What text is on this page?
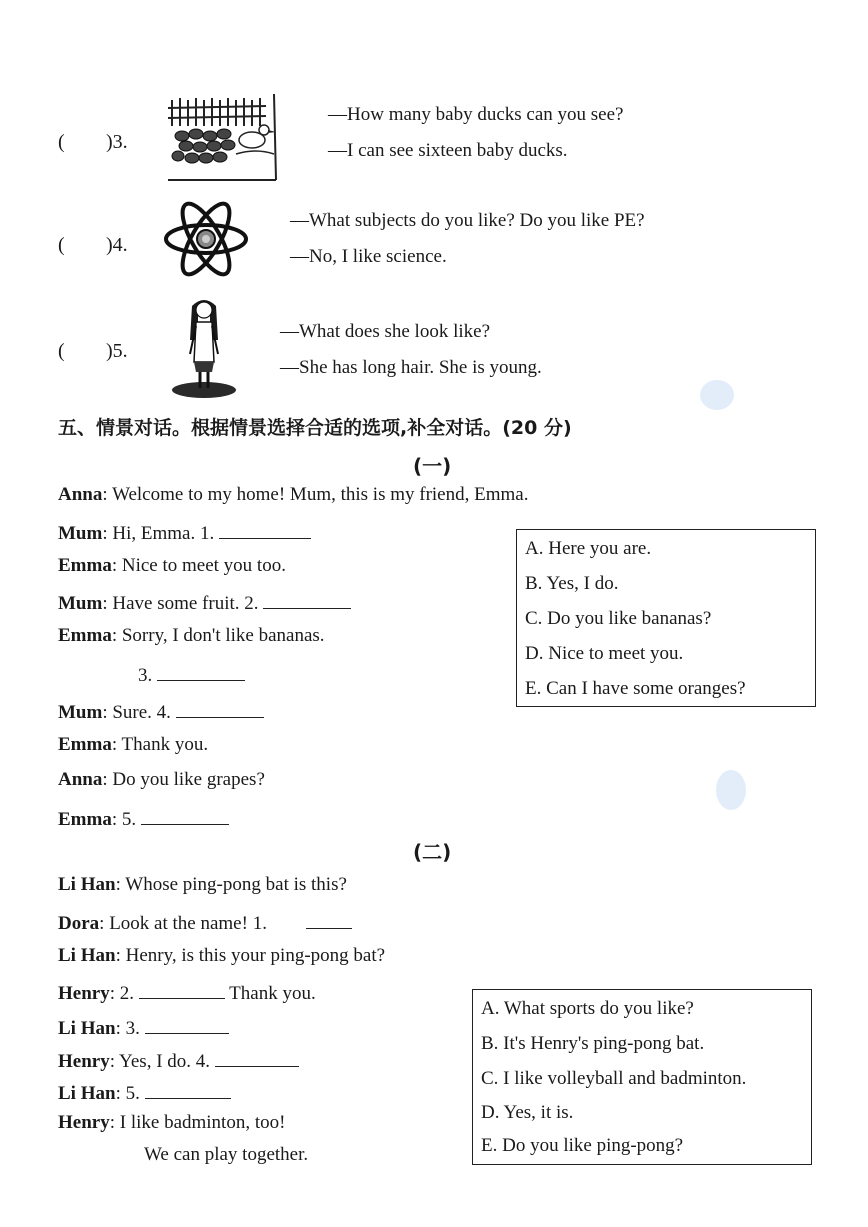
( )3.
—How many baby ducks can you see?
—I can see sixteen baby ducks.
( )4.
—What subjects do you like? Do you like PE?
—No, I like science.
( )5.
—What does she look like?
—She has long hair. She is young.
五、情景对话。根据情景选择合适的选项,补全对话。(20 分)
(一)
Anna: Welcome to my home! Mum, this is my friend, Emma.
Mum: Hi, Emma. 1.
Emma: Nice to meet you too.
Mum: Have some fruit. 2.
Emma: Sorry, I don't like bananas.
3.
Mum: Sure. 4.
Emma: Thank you.
Anna: Do you like grapes?
Emma: 5.
A. Here you are.
B. Yes, I do.
C. Do you like bananas?
D. Nice to meet you.
E. Can I have some oranges?
(二)
Li Han: Whose ping-pong bat is this?
Dora: Look at the name! 1.
Li Han: Henry, is this your ping-pong bat?
Henry: 2.	Thank you.
Li Han: 3.
Henry: Yes, I do. 4.
Li Han: 5.
Henry: I like badminton, too!
We can play together.
A. What sports do you like?
B. It's Henry's ping-pong bat.
C. I like volleyball and badminton.
D. Yes, it is.
E. Do you like ping-pong?
